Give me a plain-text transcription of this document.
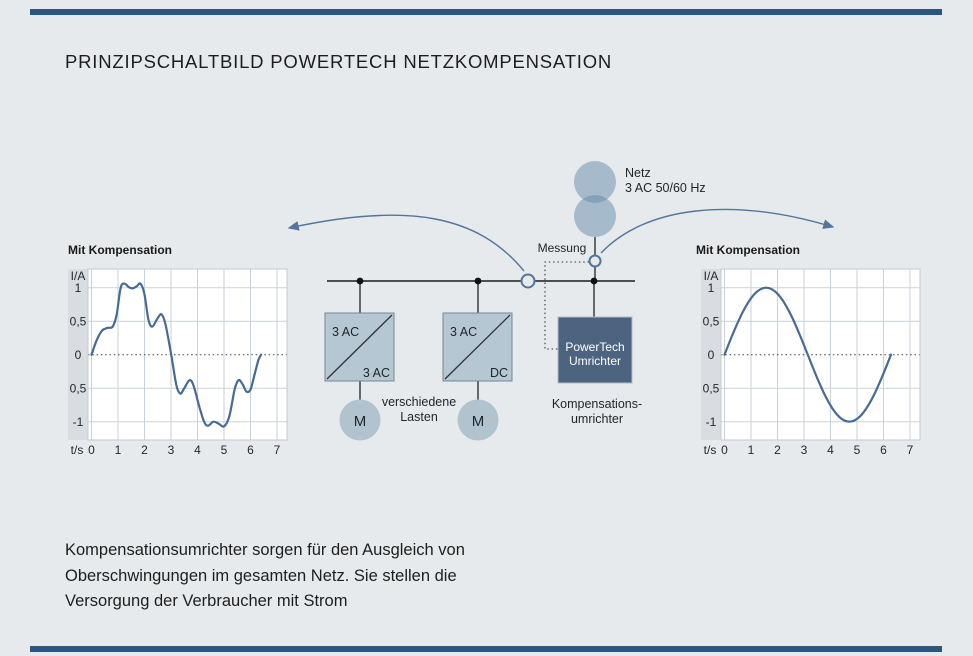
PRINZIPSCHALTBILD POWERTECH NETZKOMPENSATION
Mit Kompensation	Mit Kompensation
I/A
1
0,5
0
0,5
-1
t/s 0 1 2 3 4 5 6 7
I/A
1
0,5
0
0,5
-1
t/s 0 1 2 3 4 5 6 7
Netz
3 AC 50/60 Hz
Messung
3 AC
3 AC
3 AC
DC
M	M
verschiedene
Lasten
PowerTech
Umrichter
Kompensations-
umrichter
Kompensationsumrichter sorgen für den Ausgleich von
Oberschwingungen im gesamten Netz. Sie stellen die
Versorgung der Verbraucher mit Strom
